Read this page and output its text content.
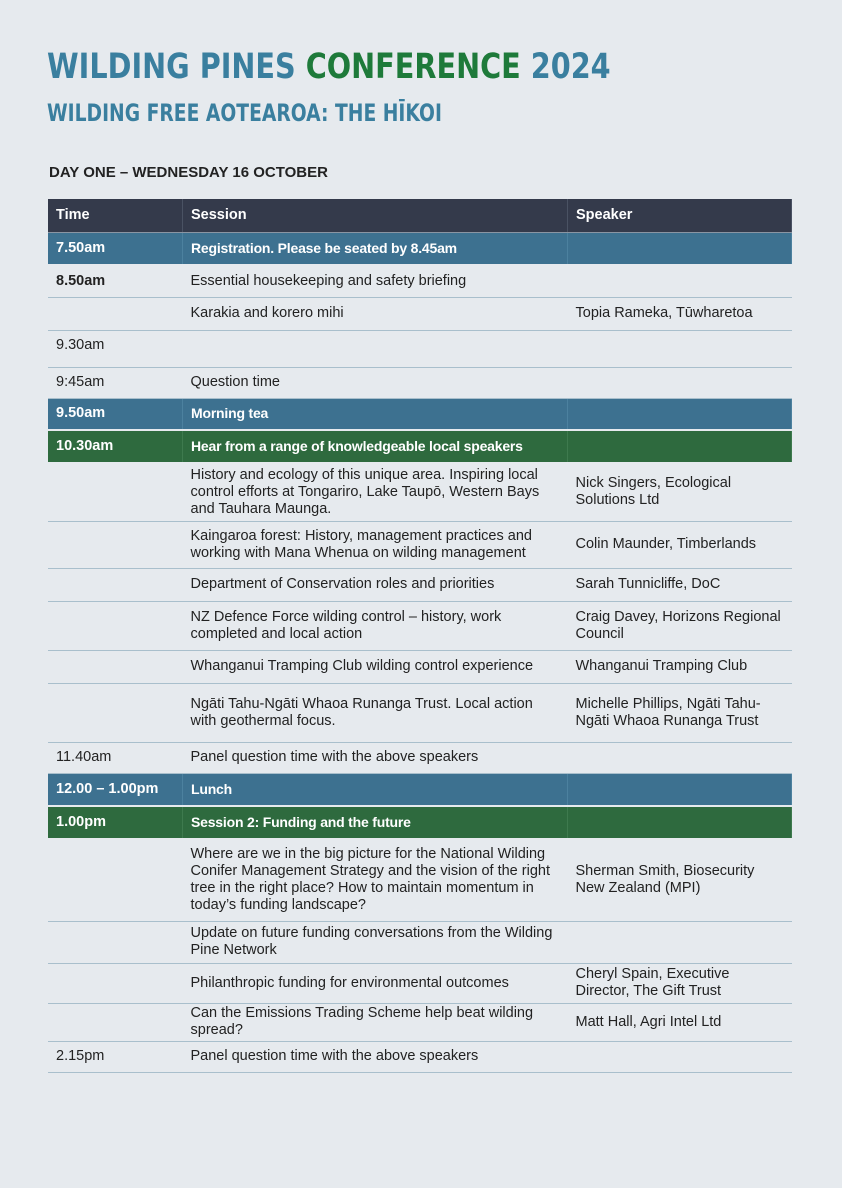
WILDING PINES CONFERENCE 2024
WILDING FREE AOTEAROA: THE HĪKOI
DAY ONE – WEDNESDAY 16 OCTOBER
Time	Session	Speaker
7.50am	Registration. Please be seated by 8.45am	
8.50am	Essential housekeeping and safety briefing	
	Karakia and korero mihi	Topia Rameka, Tūwharetoa
9.30am		
9:45am	Question time	
9.50am	Morning tea	
10.30am	Hear from a range of knowledgeable local speakers	
	History and ecology of this unique area. Inspiring local control efforts at Tongariro, Lake Taupō, Western Bays and Tauhara Maunga.	Nick Singers, Ecological Solutions Ltd
	Kaingaroa forest: History, management practices and working with Mana Whenua on wilding management	Colin Maunder, Timberlands
	Department of Conservation roles and priorities	Sarah Tunnicliffe, DoC
	NZ Defence Force wilding control – history, work completed and local action	Craig Davey, Horizons Regional Council
	Whanganui Tramping Club wilding control experience	Whanganui Tramping Club
	Ngāti Tahu-Ngāti Whaoa Runanga Trust. Local action with geothermal focus.	Michelle Phillips, Ngāti Tahu- Ngāti Whaoa Runanga Trust
11.40am	Panel question time with the above speakers	
12.00 – 1.00pm	Lunch	
1.00pm	Session 2: Funding and the future	
	Where are we in the big picture for the National Wilding Conifer Management Strategy and the vision of the right tree in the right place? How to maintain momentum in today’s funding landscape?	Sherman Smith, Biosecurity New Zealand (MPI)
	Update on future funding conversations from the Wilding Pine Network	
	Philanthropic funding for environmental outcomes	Cheryl Spain, Executive Director, The Gift Trust
	Can the Emissions Trading Scheme help beat wilding spread?	Matt Hall, Agri Intel Ltd
2.15pm	Panel question time with the above speakers	
